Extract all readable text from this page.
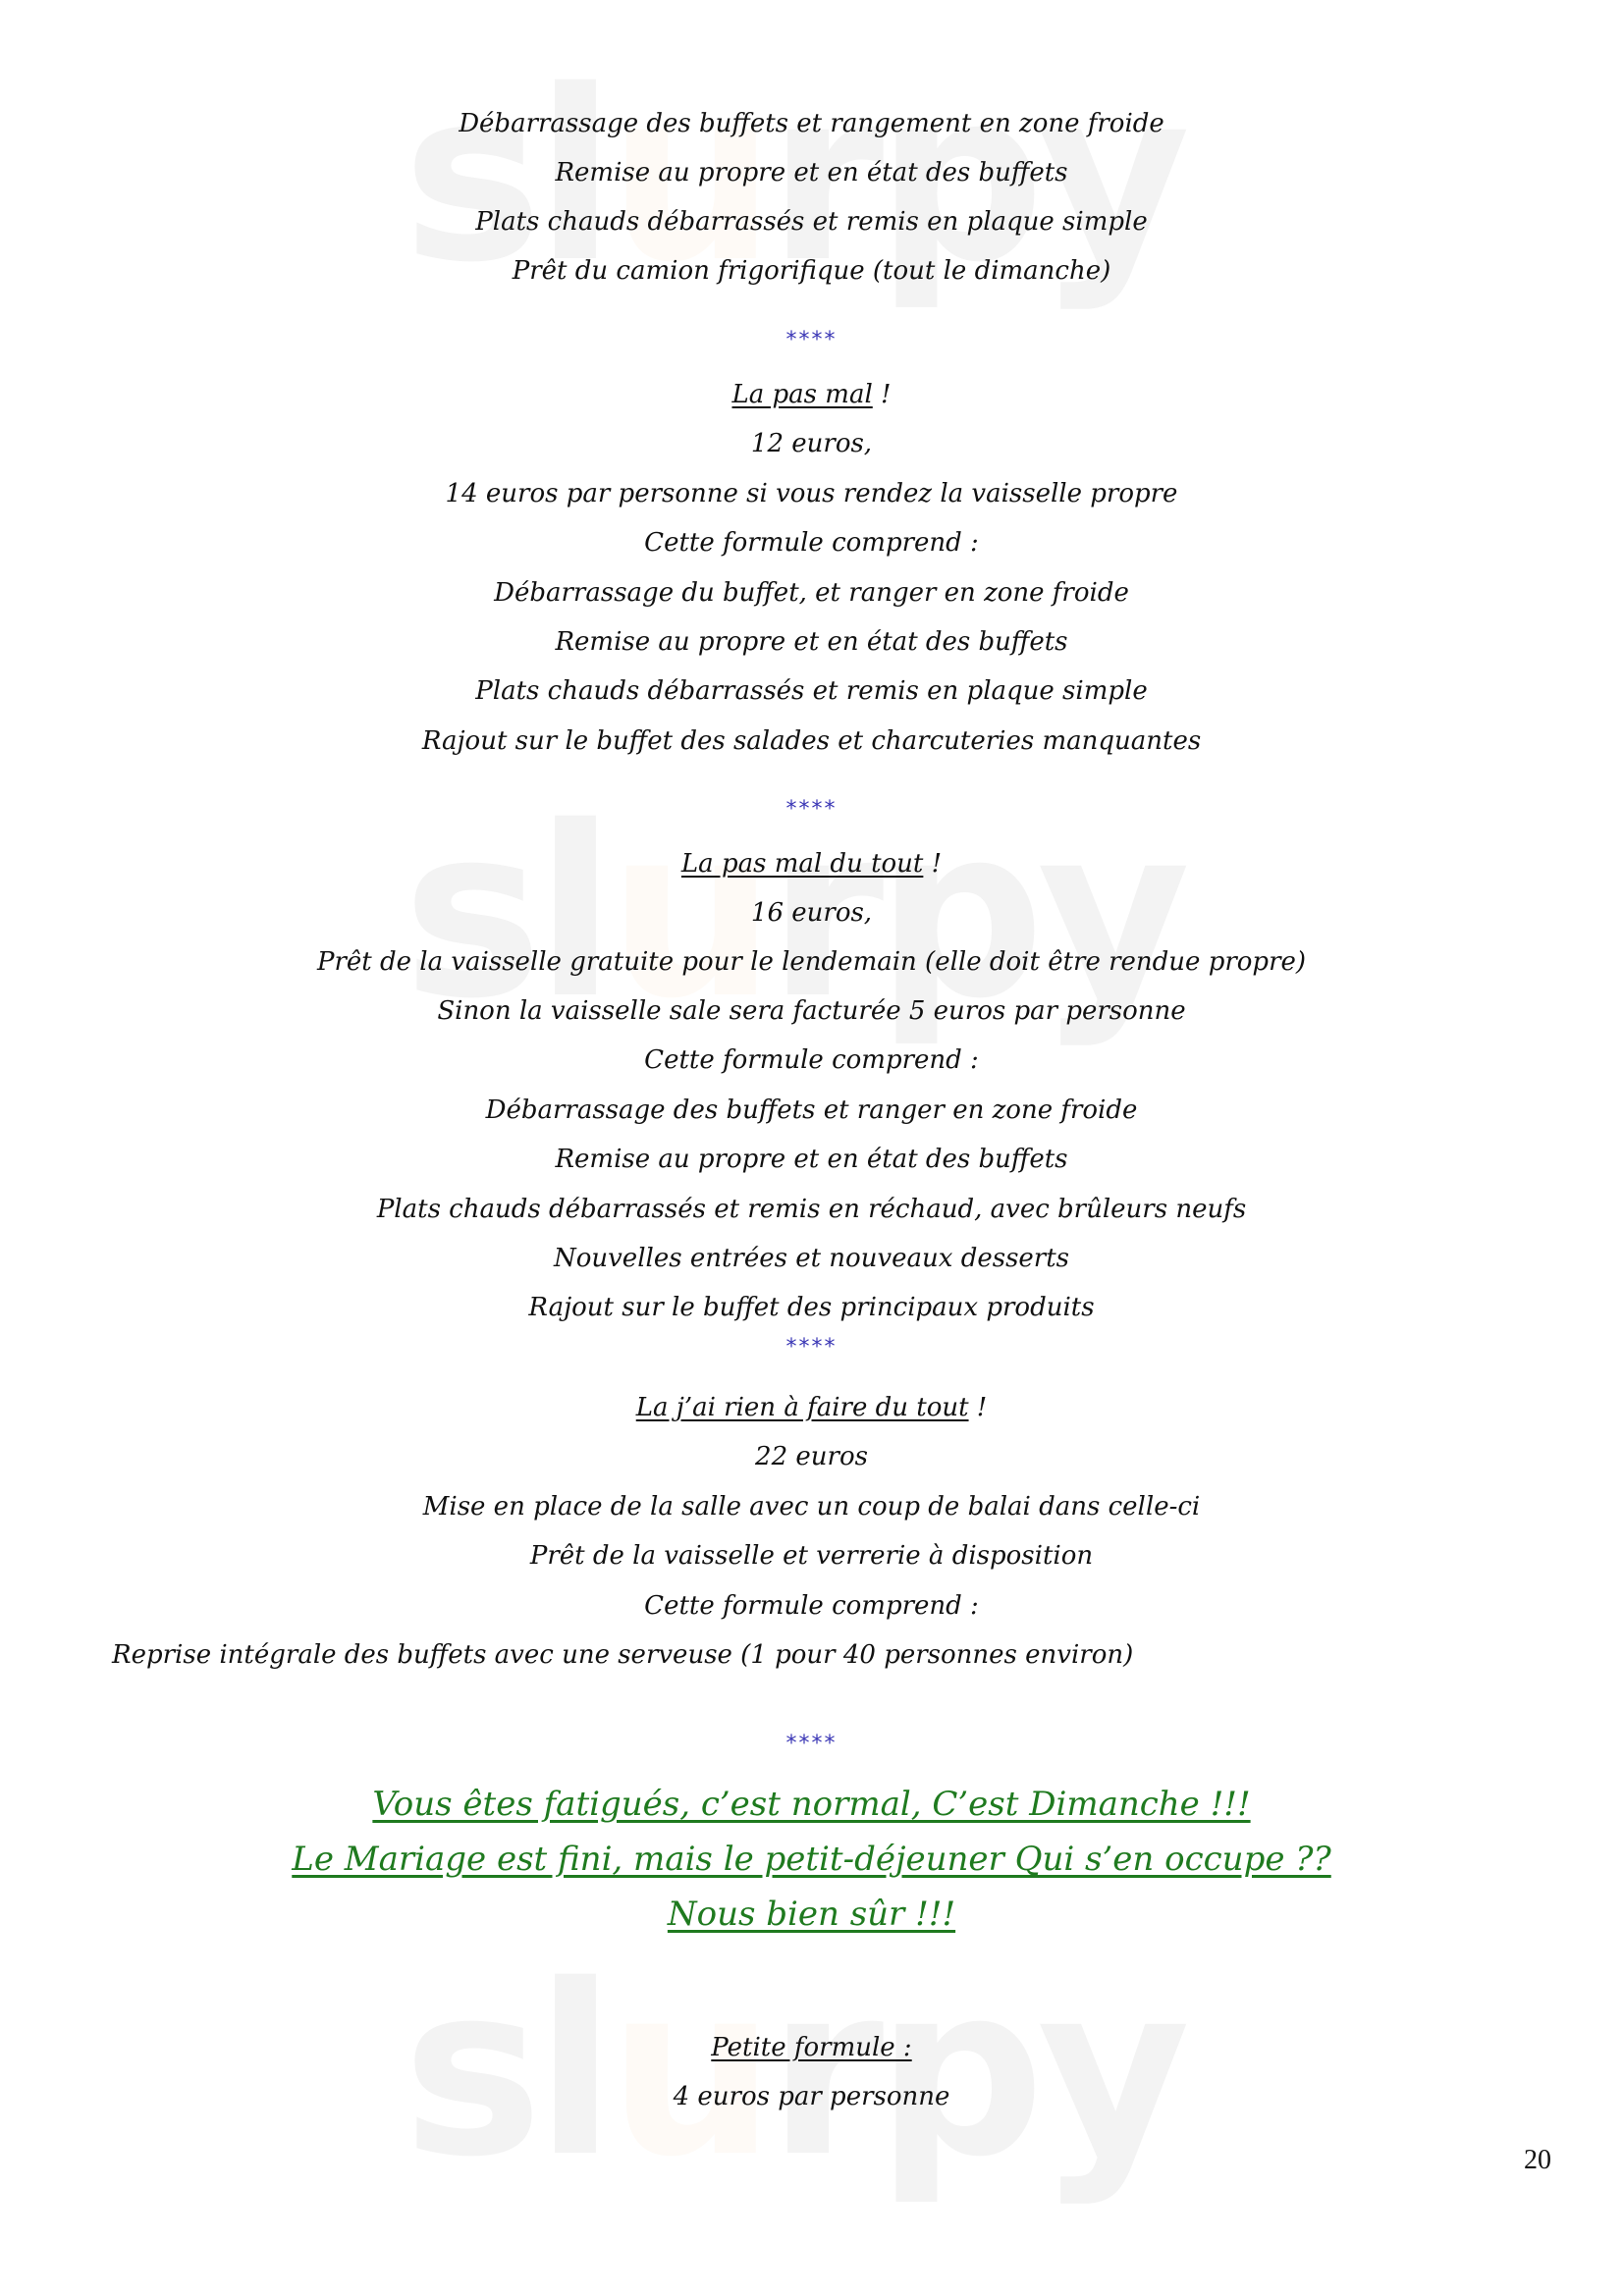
Débarrassage des buffets et rangement en zone froide
Remise au propre et en état des buffets
Plats chauds débarrassés et remis en plaque simple
Prêt du camion frigorifique (tout le dimanche)
****
La pas mal !
12 euros,
14 euros par personne si vous rendez la vaisselle propre
Cette formule comprend :
Débarrassage du buffet, et ranger en zone froide
Remise au propre et en état des buffets
Plats chauds débarrassés et remis en plaque simple
Rajout sur le buffet des salades et charcuteries manquantes
****
La pas mal du tout !
16 euros,
Prêt de la vaisselle gratuite pour le lendemain (elle doit être rendue propre)
Sinon la vaisselle sale sera facturée 5 euros par personne
Cette formule comprend :
Débarrassage des buffets et ranger en zone froide
Remise au propre et en état des buffets
Plats chauds débarrassés et remis en réchaud, avec brûleurs neufs
Nouvelles entrées et nouveaux desserts
Rajout sur le buffet des principaux produits
****
La j’ai rien à faire du tout !
22 euros
Mise en place de la salle avec un coup de balai dans celle-ci
Prêt de la vaisselle et verrerie à disposition
Cette formule comprend :
Reprise intégrale des buffets avec une serveuse (1 pour 40 personnes environ)
****
Vous êtes fatigués, c’est normal, C’est Dimanche !!!
Le Mariage est fini, mais le petit-déjeuner Qui s’en occupe ??
Nous bien sûr !!!
Petite formule :
4 euros par personne
20
